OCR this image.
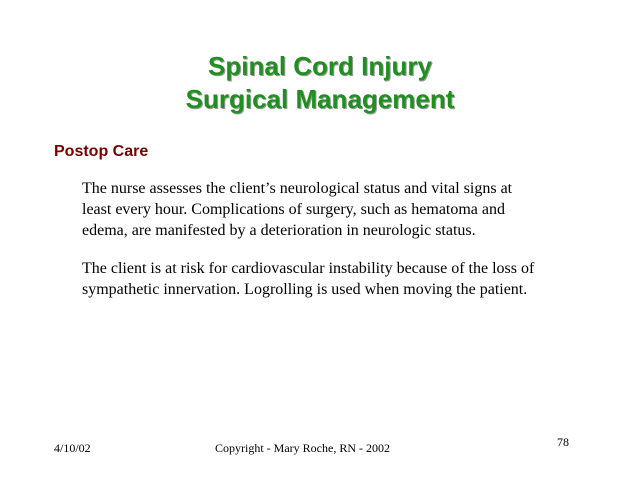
Spinal Cord Injury
Surgical Management
Postop Care
The nurse assesses the client’s neurological status and vital signs at
least every hour. Complications of surgery, such as hematoma and
edema, are manifested by a deterioration in neurologic status.
The client is at risk for cardiovascular instability because of the loss of
sympathetic innervation. Logrolling is used when moving the patient.
4/10/02	Copyright - Mary Roche, RN - 2002	78
